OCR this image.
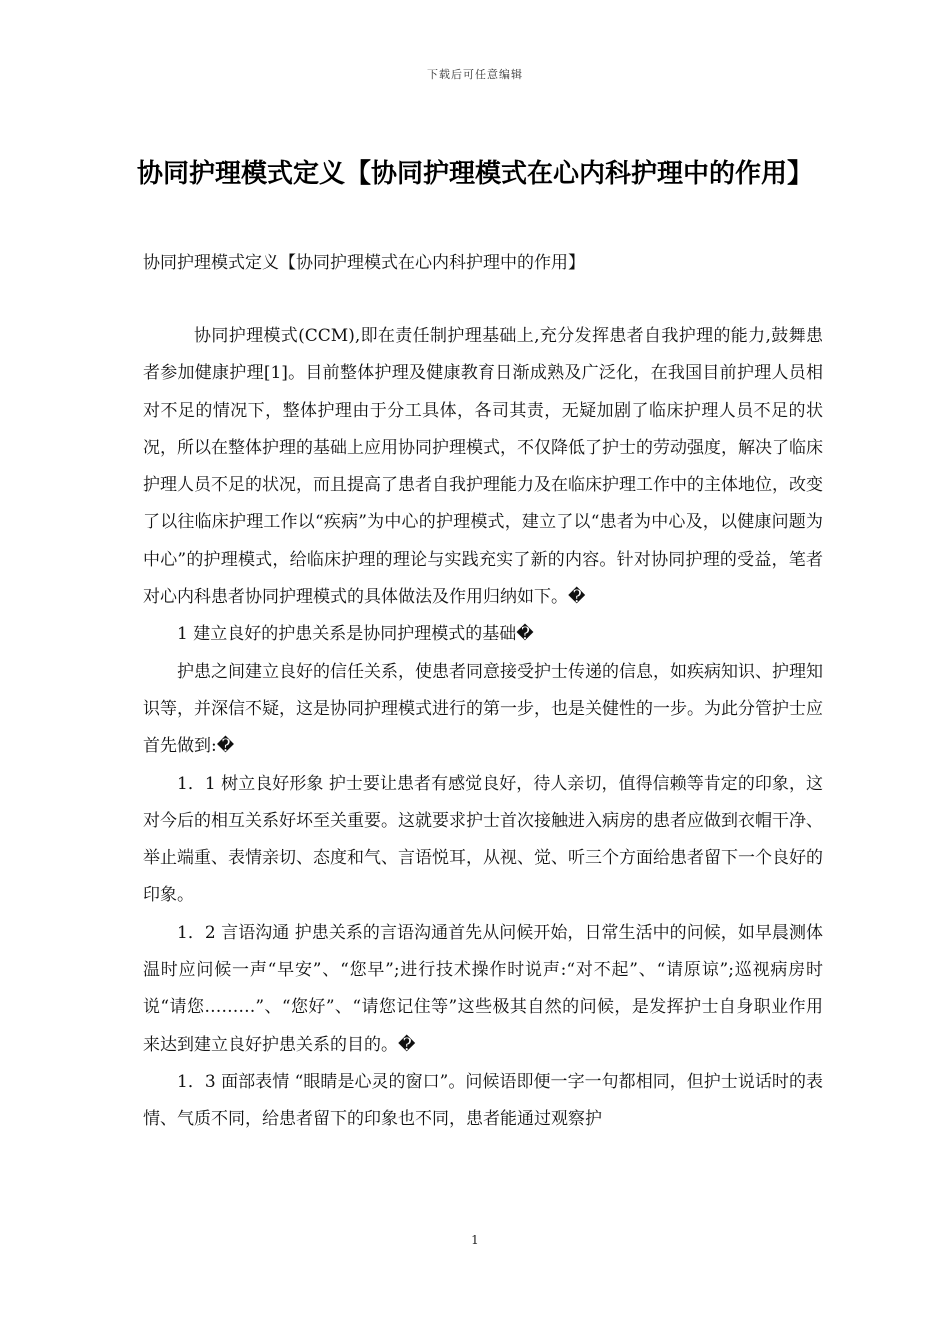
下载后可任意编辑
协同护理模式定义【协同护理模式在心内科护理中的作用】
协同护理模式定义【协同护理模式在心内科护理中的作用】

协同护理模式(CCM),即在责任制护理基础上,充分发挥患者自我护理的能力,鼓舞患者参加健康护理[1]。目前整体护理及健康教育日渐成熟及广泛化，在我国目前护理人员相对不足的情况下，整体护理由于分工具体，各司其责，无疑加剧了临床护理人员不足的状况，所以在整体护理的基础上应用协同护理模式，不仅降低了护士的劳动强度，解决了临床护理人员不足的状况，而且提高了患者自我护理能力及在临床护理工作中的主体地位，改变了以往临床护理工作以“疾病”为中心的护理模式，建立了以“患者为中心及，以健康问题为中心”的护理模式，给临床护理的理论与实践充实了新的内容。针对协同护理的受益，笔者对心内科患者协同护理模式的具体做法及作用归纳如下。�

1 建立良好的护患关系是协同护理模式的基础�

护患之间建立良好的信任关系，使患者同意接受护士传递的信息，如疾病知识、护理知识等，并深信不疑，这是协同护理模式进行的第一步，也是关健性的一步。为此分管护士应首先做到:�

1．1 树立良好形象 护士要让患者有感觉良好，待人亲切，值得信赖等肯定的印象，这对今后的相互关系好坏至关重要。这就要求护士首次接触进入病房的患者应做到衣帽干净、举止端重、表情亲切、态度和气、言语悦耳，从视、觉、听三个方面给患者留下一个良好的印象。

1．2 言语沟通 护患关系的言语沟通首先从问候开始，日常生活中的问候，如早晨测体温时应问候一声“早安”、“您早”;进行技术操作时说声:“对不起”、“请原谅”;巡视病房时说“请您………”、“您好”、“请您记住等”这些极其自然的问候，是发挥护士自身职业作用来达到建立良好护患关系的目的。�

1．3 面部表情 “眼睛是心灵的窗口”。问候语即便一字一句都相同，但护士说话时的表情、气质不同，给患者留下的印象也不同，患者能通过观察护

1
